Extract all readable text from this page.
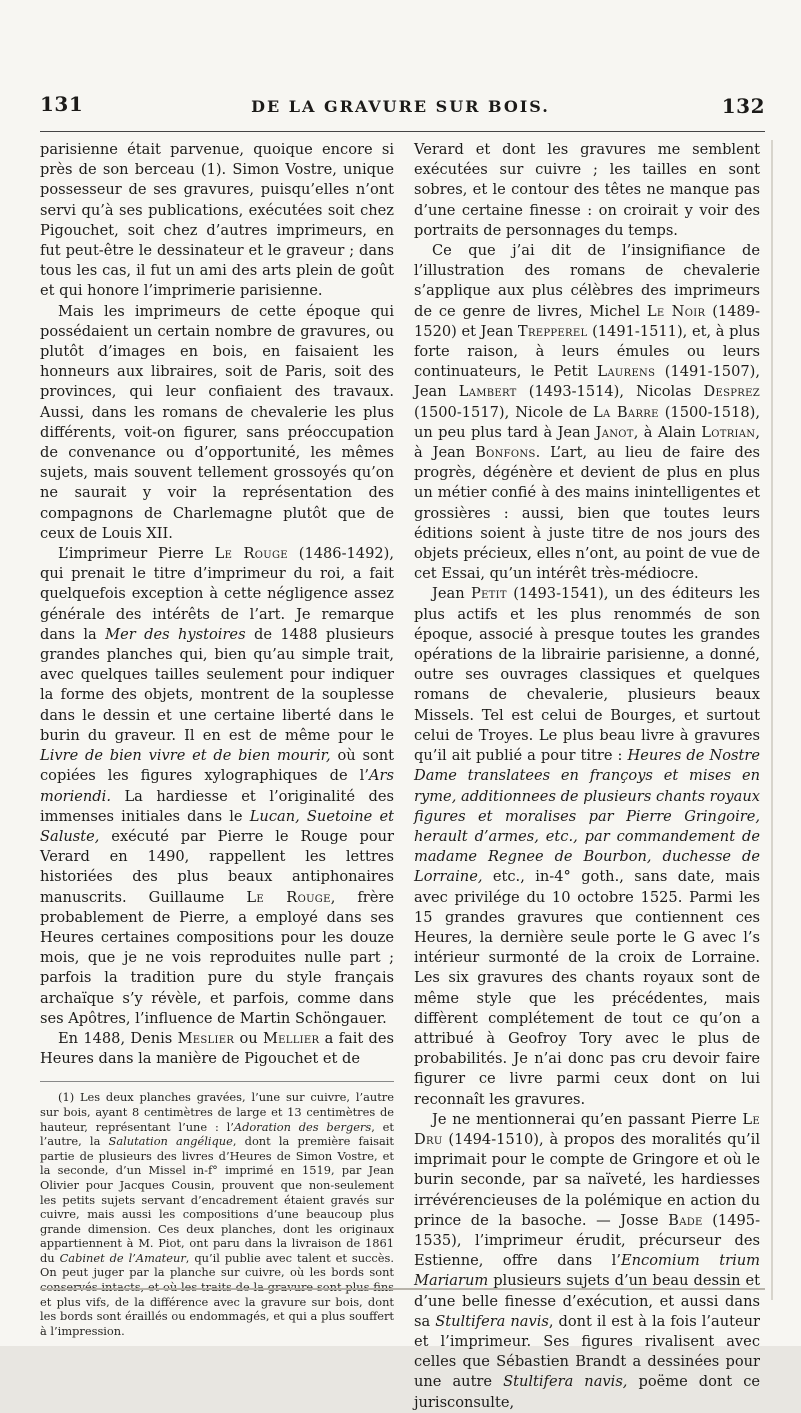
131	DE LA GRAVURE SUR BOIS.	132

parisienne était parvenue, quoique encore si près de son berceau (1). Simon Vostre, unique possesseur de ses gravures, puisqu’elles n’ont servi qu’à ses publications, exécutées soit chez Pigouchet, soit chez d’autres imprimeurs, en fut peut-être le dessinateur et le graveur ; dans tous les cas, il fut un ami des arts plein de goût et qui honore l’imprimerie parisienne.

Mais les imprimeurs de cette époque qui possédaient un certain nombre de gravures, ou plutôt d’images en bois, en faisaient les honneurs aux libraires, soit de Paris, soit des provinces, qui leur confiaient des travaux. Aussi, dans les romans de chevalerie les plus différents, voit-on figurer, sans préoccupation de convenance ou d’opportunité, les mêmes sujets, mais souvent tellement grossoyés qu’on ne saurait y voir la représentation des compagnons de Charlemagne plutôt que de ceux de Louis XII.

L’imprimeur Pierre Le Rouge (1486-1492), qui prenait le titre d’imprimeur du roi, a fait quelquefois exception à cette négligence assez générale des intérêts de l’art. Je remarque dans la Mer des hystoires de 1488 plusieurs grandes planches qui, bien qu’au simple trait, avec quelques tailles seulement pour indiquer la forme des objets, montrent de la souplesse dans le dessin et une certaine liberté dans le burin du graveur. Il en est de même pour le Livre de bien vivre et de bien mourir, où sont copiées les figures xylographiques de l’Ars moriendi. La hardiesse et l’originalité des immenses initiales dans le Lucan, Suetoine et Saluste, exécuté par Pierre le Rouge pour Verard en 1490, rappellent les lettres historiées des plus beaux antiphonaires manuscrits. Guillaume Le Rouge, frère probablement de Pierre, a employé dans ses Heures certaines compositions pour les douze mois, que je ne vois reproduites nulle part ; parfois la tradition pure du style français archaïque s’y révèle, et parfois, comme dans ses Apôtres, l’influence de Martin Schöngauer.

En 1488, Denis Meslier ou Mellier a fait des Heures dans la manière de Pigouchet et de

(1) Les deux planches gravées, l’une sur cuivre, l’autre sur bois, ayant 8 centimètres de large et 13 centimètres de hauteur, représentant l’une : l’Adoration des bergers, et l’autre, la Salutation angélique, dont la première faisait partie de plusieurs des livres d’Heures de Simon Vostre, et la seconde, d’un Missel in-f° imprimé en 1519, par Jean Olivier pour Jacques Cousin, prouvent que non-seulement les petits sujets servant d’encadrement étaient gravés sur cuivre, mais aussi les compositions d’une beaucoup plus grande dimension. Ces deux planches, dont les originaux appartiennent à M. Piot, ont paru dans la livraison de 1861 du Cabinet de l’Amateur, qu’il publie avec talent et succès. On peut juger par la planche sur cuivre, où les bords sont conservés intacts, et où les traits de la gravure sont plus fins et plus vifs, de la différence avec la gravure sur bois, dont les bords sont éraillés ou endommagés, et qui a plus souffert à l’impression.

Verard et dont les gravures me semblent exécutées sur cuivre ; les tailles en sont sobres, et le contour des têtes ne manque pas d’une certaine finesse : on croirait y voir des portraits de personnages du temps.

Ce que j’ai dit de l’insignifiance de l’illustration des romans de chevalerie s’applique aux plus célèbres des imprimeurs de ce genre de livres, Michel Le Noir (1489-1520) et Jean Trepperel (1491-1511), et, à plus forte raison, à leurs émules ou leurs continuateurs, le Petit Laurens (1491-1507), Jean Lambert (1493-1514), Nicolas Desprez (1500-1517), Nicole de La Barre (1500-1518), un peu plus tard à Jean Janot, à Alain Lotrian, à Jean Bonfons. L’art, au lieu de faire des progrès, dégénère et devient de plus en plus un métier confié à des mains inintelligentes et grossières : aussi, bien que toutes leurs éditions soient à juste titre de nos jours des objets précieux, elles n’ont, au point de vue de cet Essai, qu’un intérêt très-médiocre.

Jean Petit (1493-1541), un des éditeurs les plus actifs et les plus renommés de son époque, associé à presque toutes les grandes opérations de la librairie parisienne, a donné, outre ses ouvrages classiques et quelques romans de chevalerie, plusieurs beaux Missels. Tel est celui de Bourges, et surtout celui de Troyes. Le plus beau livre à gravures qu’il ait publié a pour titre : Heures de Nostre Dame translatees en françoys et mises en ryme, additionnees de plusieurs chants royaux figures et moralises par Pierre Gringoire, herault d’armes, etc., par commandement de madame Regnee de Bourbon, duchesse de Lorraine, etc., in-4° goth., sans date, mais avec privilége du 10 octobre 1525. Parmi les 15 grandes gravures que contiennent ces Heures, la dernière seule porte le G avec l’s intérieur surmonté de la croix de Lorraine. Les six gravures des chants royaux sont de même style que les précédentes, mais diffèrent complétement de tout ce qu’on a attribué à Geofroy Tory avec le plus de probabilités. Je n’ai donc pas cru devoir faire figurer ce livre parmi ceux dont on lui reconnaît les gravures.

Je ne mentionnerai qu’en passant Pierre Le Dru (1494-1510), à propos des moralités qu’il imprimait pour le compte de Gringore et où le burin seconde, par sa naïveté, les hardiesses irrévérencieuses de la polémique en action du prince de la basoche. — Josse Bade (1495-1535), l’imprimeur érudit, précurseur des Estienne, offre dans l’Encomium trium Mariarum plusieurs sujets d’un beau dessin et d’une belle finesse d’exécution, et aussi dans sa Stultifera navis, dont il est à la fois l’auteur et l’imprimeur. Ses figures rivalisent avec celles que Sébastien Brandt a dessinées pour une autre Stultifera navis, poëme dont ce jurisconsulte,
